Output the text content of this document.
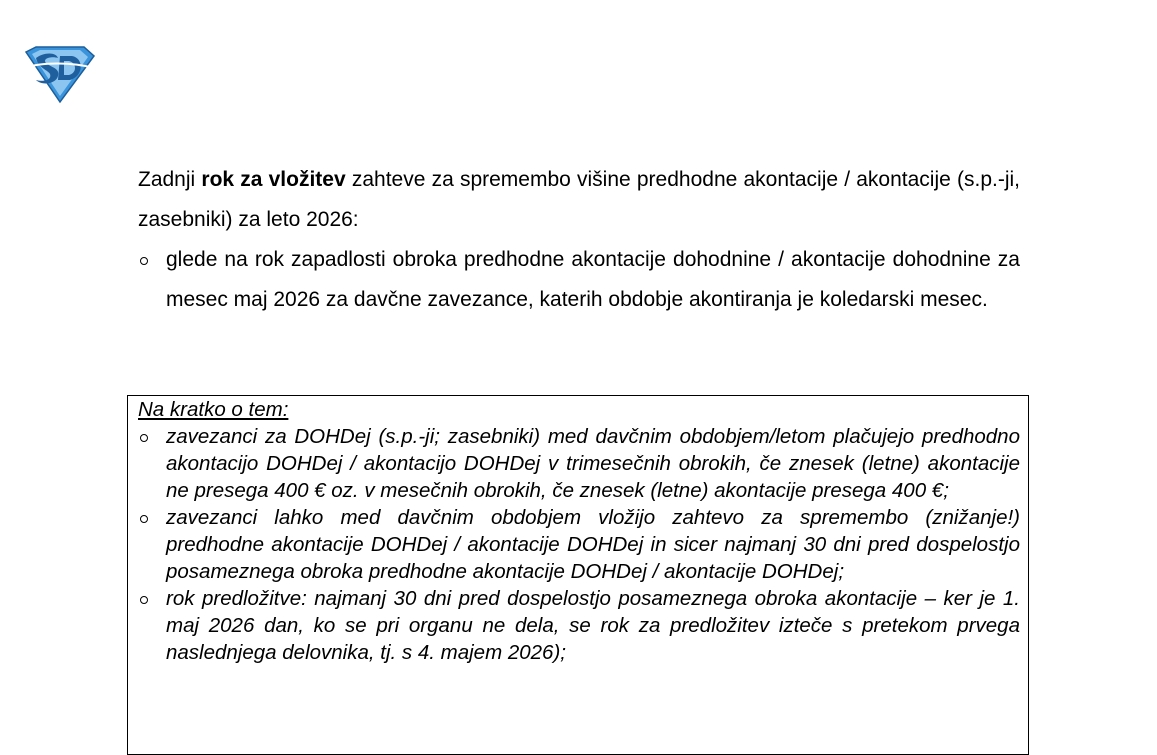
Zadnji rok za vložitev zahteve za spremembo višine predhodne akontacije / akontacije (s.p.-ji, zasebniki) za leto 2026:

glede na rok zapadlosti obroka predhodne akontacije dohodnine / akontacije dohodnine za mesec maj 2026 za davčne zavezance, katerih obdobje akontiranja je koledarski mesec.

Na kratko o tem:

zavezanci za DOHDej (s.p.-ji; zasebniki) med davčnim obdobjem/letom plačujejo predhodno akontacijo DOHDej / akontacijo DOHDej v trimesečnih obrokih, če znesek (letne) akontacije ne presega 400 € oz. v mesečnih obrokih, če znesek (letne) akontacije presega 400 €;
zavezanci lahko med davčnim obdobjem vložijo zahtevo za spremembo (znižanje!) predhodne akontacije DOHDej / akontacije DOHDej in sicer najmanj 30 dni pred dospelostjo posameznega obroka predhodne akontacije DOHDej / akontacije DOHDej;
rok predložitve: najmanj 30 dni pred dospelostjo posameznega obroka akontacije – ker je 1. maj 2026 dan, ko se pri organu ne dela, se rok za predložitev izteče s pretekom prvega naslednjega delovnika, tj. s 4. majem 2026);
